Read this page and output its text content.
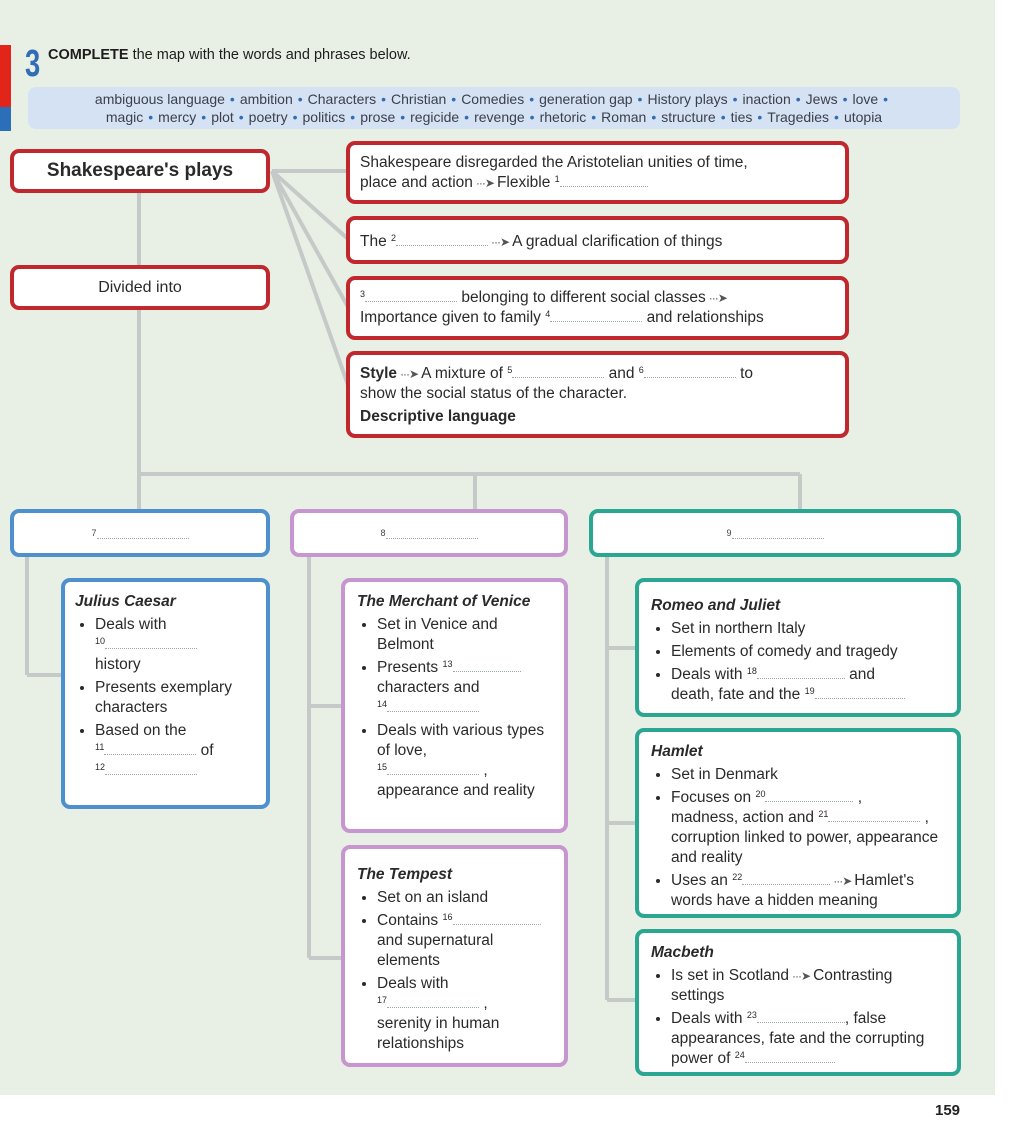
3 COMPLETE the map with the words and phrases below.
ambiguous language • ambition • Characters • Christian • Comedies • generation gap • History plays • inaction • Jews • love •
magic • mercy • plot • poetry • politics • prose • regicide • revenge • rhetoric • Roman • structure • ties • Tragedies • utopia
Shakespeare's plays
Divided into
Shakespeare disregarded the Aristotelian unities of time,
place and action ···➤ Flexible $^1$
The $^2$	···➤ A gradual clarification of things
$^3$	belonging to different social classes ···➤
Importance given to family $^4$	and relationships
Style ···➤ A mixture of $^5$	and $^6$	to
show the social status of the character.
Descriptive language
7	8	9
Julius Caesar
• Deals with
$^{10}$
history
• Presents exemplary characters
• Based on the
$^{11}$	of
$^{12}$
The Merchant of Venice
• Set in Venice and Belmont
• Presents $^{13}$
characters and
$^{14}$
• Deals with various types of love,
$^{15}$	,
appearance and reality
The Tempest
• Set on an island
• Contains $^{16}$
and supernatural elements
• Deals with
$^{17}$	,
serenity in human relationships
Romeo and Juliet
• Set in northern Italy
• Elements of comedy and tragedy
• Deals with $^{18}$	and
death, fate and the $^{19}$
Hamlet
• Set in Denmark
• Focuses on $^{20}$	,
madness, action and $^{21}$	,
corruption linked to power, appearance and reality
• Uses an $^{22}$	···➤ Hamlet's words have a hidden meaning
Macbeth
• Is set in Scotland ···➤ Contrasting settings
• Deals with $^{23}$	, false appearances, fate and the corrupting power of $^{24}$
159
